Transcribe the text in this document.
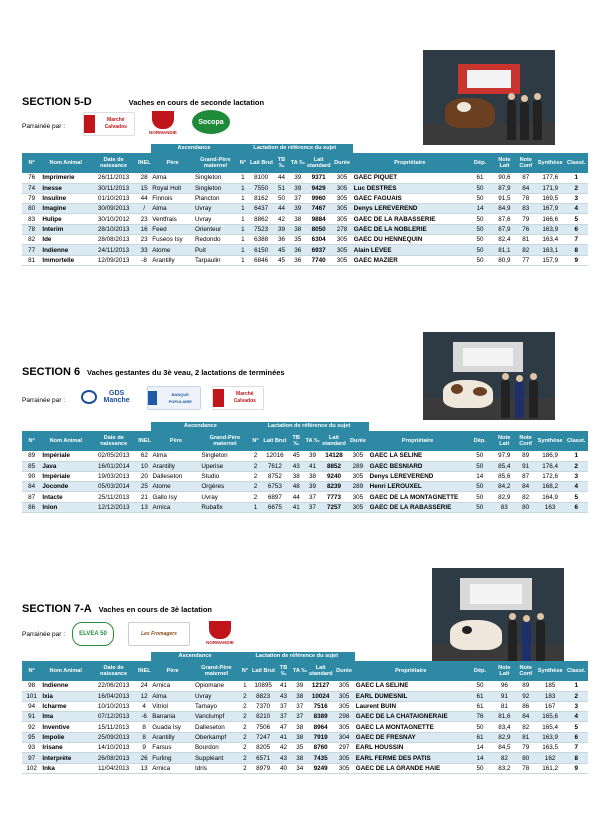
SECTION 5-D	Vaches en cours de seconde lactation
Parrainée par :
Marché Calvados
NORMANDIE
Socopa
				Ascendance		Lactation de référence du sujet											
N°	Nom Animal	Date de naissance	INEL	Père	Grand-Père maternel	N°	Lait Brut	TB ‰	TA ‰	Lait standard	Durée	Propriétaire	Dép.	Note Lait	Note Conf	Synthèse	Classt.
76	Imprimerie	26/11/2013	28	Alma	Singleton	1	8100	44	39	9371	305	GAEC PIQUET	61	90,6	87	177,6	1
74	Inesse	30/11/2013	15	Royal Holl	Singleton	1	7550	51	39	9429	305	Luc DESTRES	50	87,9	84	171,9	2
79	Insuline	01/10/2013	44	Finnois	Plancton	1	8162	50	37	9960	305	GAEC FAGUAIS	50	91,5	78	169,5	3
80	Imagine	30/09/2013	/	Alma	Uvray	1	6437	44	39	7467	305	Denys LEREVEREND	14	84,9	83	167,9	4
83	Hulipe	30/10/2012	23	Ventfrais	Uvray	1	8862	42	38	9884	305	GAEC DE LA RABASSERIE	50	87,6	79	166,6	5
78	Interim	28/10/2013	16	Feed	Orienteur	1	7523	39	38	8050	278	GAEC DE LA NOBLERIE	50	87,9	76	163,9	6
82	Ide	28/08/2013	23	Fuseos Isy	Redondo	1	6388	36	35	6304	305	GAEC DU HENNEQUIN	50	82,4	81	163,4	7
77	Indienne	24/11/2013	33	Atome	Puit	1	6150	45	36	6937	305	Alain LEVEE	50	81,1	82	163,1	8
81	Immortelle	12/09/2013	-8	Arantilly	Tarpaulin	1	6846	45	36	7740	305	GAEC MAZIER	50	80,9	77	157,9	9
SECTION 6 Vaches gestantes du 3è veau, 2 lactations de terminées
Parrainée par :
GDS Manche
BANQUE POPULAIRE
Marché Calvados
				Ascendance		Lactation de référence du sujet											
N°	Nom Animal	Date de naissance	INEL	Père	Grand-Père maternel	N°	Lait Brut	TB ‰	TA ‰	Lait standard	Durée	Propriétaire	Dép.	Note Lait	Note Conf	Synthèse	Classt.
89	Impériale	02/05/2013	62	Alma	Singleton	2	12016	45	39	14128	305	GAEC LA SELINE	50	97,9	89	186,9	1
85	Java	16/01/2014	10	Arantilly	Uperise	2	7612	43	41	8852	289	GAEC BESNIARD	50	85,4	91	176,4	2
90	Impériale	19/03/2013	20	Dalleseton	Studio	2	8752	38	38	9240	305	Denys LEREVEREND	14	85,6	87	172,6	3
84	Joconde	05/03/2014	25	Atome	Orgères	2	6753	48	39	8239	289	Henri LEROUXEL	50	84,2	84	168,2	4
87	Intacte	25/11/2013	21	Gallo Isy	Uvray	2	6897	44	37	7773	305	GAEC DE LA MONTAGNETTE	50	82,9	82	164,9	5
86	Inion	12/12/2013	13	Arnica	Rubafix	1	6675	41	37	7257	305	GAEC DE LA RABASSERIE	50	83	80	163	6
SECTION 7-A Vaches en cours de 3è lactation
Parrainée par : ELVEA 50	Les Fromagers
NORMANDIE
				Ascendance		Lactation de référence du sujet											
N°	Nom Animal	Date de naissance	INEL	Père	Grand-Père maternel	N°	Lait Brut	TB ‰	TA ‰	Lait standard	Durée	Propriétaire	Dép.	Note Lait	Note Conf	Synthèse	Classt.
98	Indienne	22/06/2013	24	Arnica	Opiomane	1	10895	41	39	12127	305	GAEC LA SELINE	50	96	89	185	1
101	Ixia	16/04/2013	12	Alma	Uvray	2	8823	43	38	10024	305	EARL DUMESNIL	61	91	92	183	2
94	Icharme	10/10/2013	4	Vitriol	Tamayo	2	7370	37	37	7516	305	Laurent BUIN	61	81	86	167	3
91	Ima	07/12/2013	-6	Banania	Vanclumpf	2	8210	37	37	8389	298	GAEC DE LA CHATAIGNERAIE	76	81,6	84	165,6	4
92	Inventive	15/11/2013	8	Guada Isy	Dalleseton	2	7506	47	38	8964	305	GAEC LA MONTAGNETTE	50	83,4	82	165,4	5
95	Impolie	25/09/2013	8	Arantilly	Oberkampf	2	7247	41	38	7919	304	GAEC DE FRESNAY	61	82,9	81	163,9	6
93	Irisane	14/10/2013	9	Farsus	Bourdon	2	8205	42	35	8760	297	EARL HOUSSIN	14	84,5	79	163,5	7
97	Interprète	26/08/2013	26	Furling	Suppléant	2	6571	43	38	7435	305	EARL FERME DES PATIS	14	82	80	162	8
102	Inka	11/04/2013	13	Arnica	Idris	2	8979	40	34	9249	305	GAEC DE LA GRANDE HAIE	50	83,2	78	161,2	9
